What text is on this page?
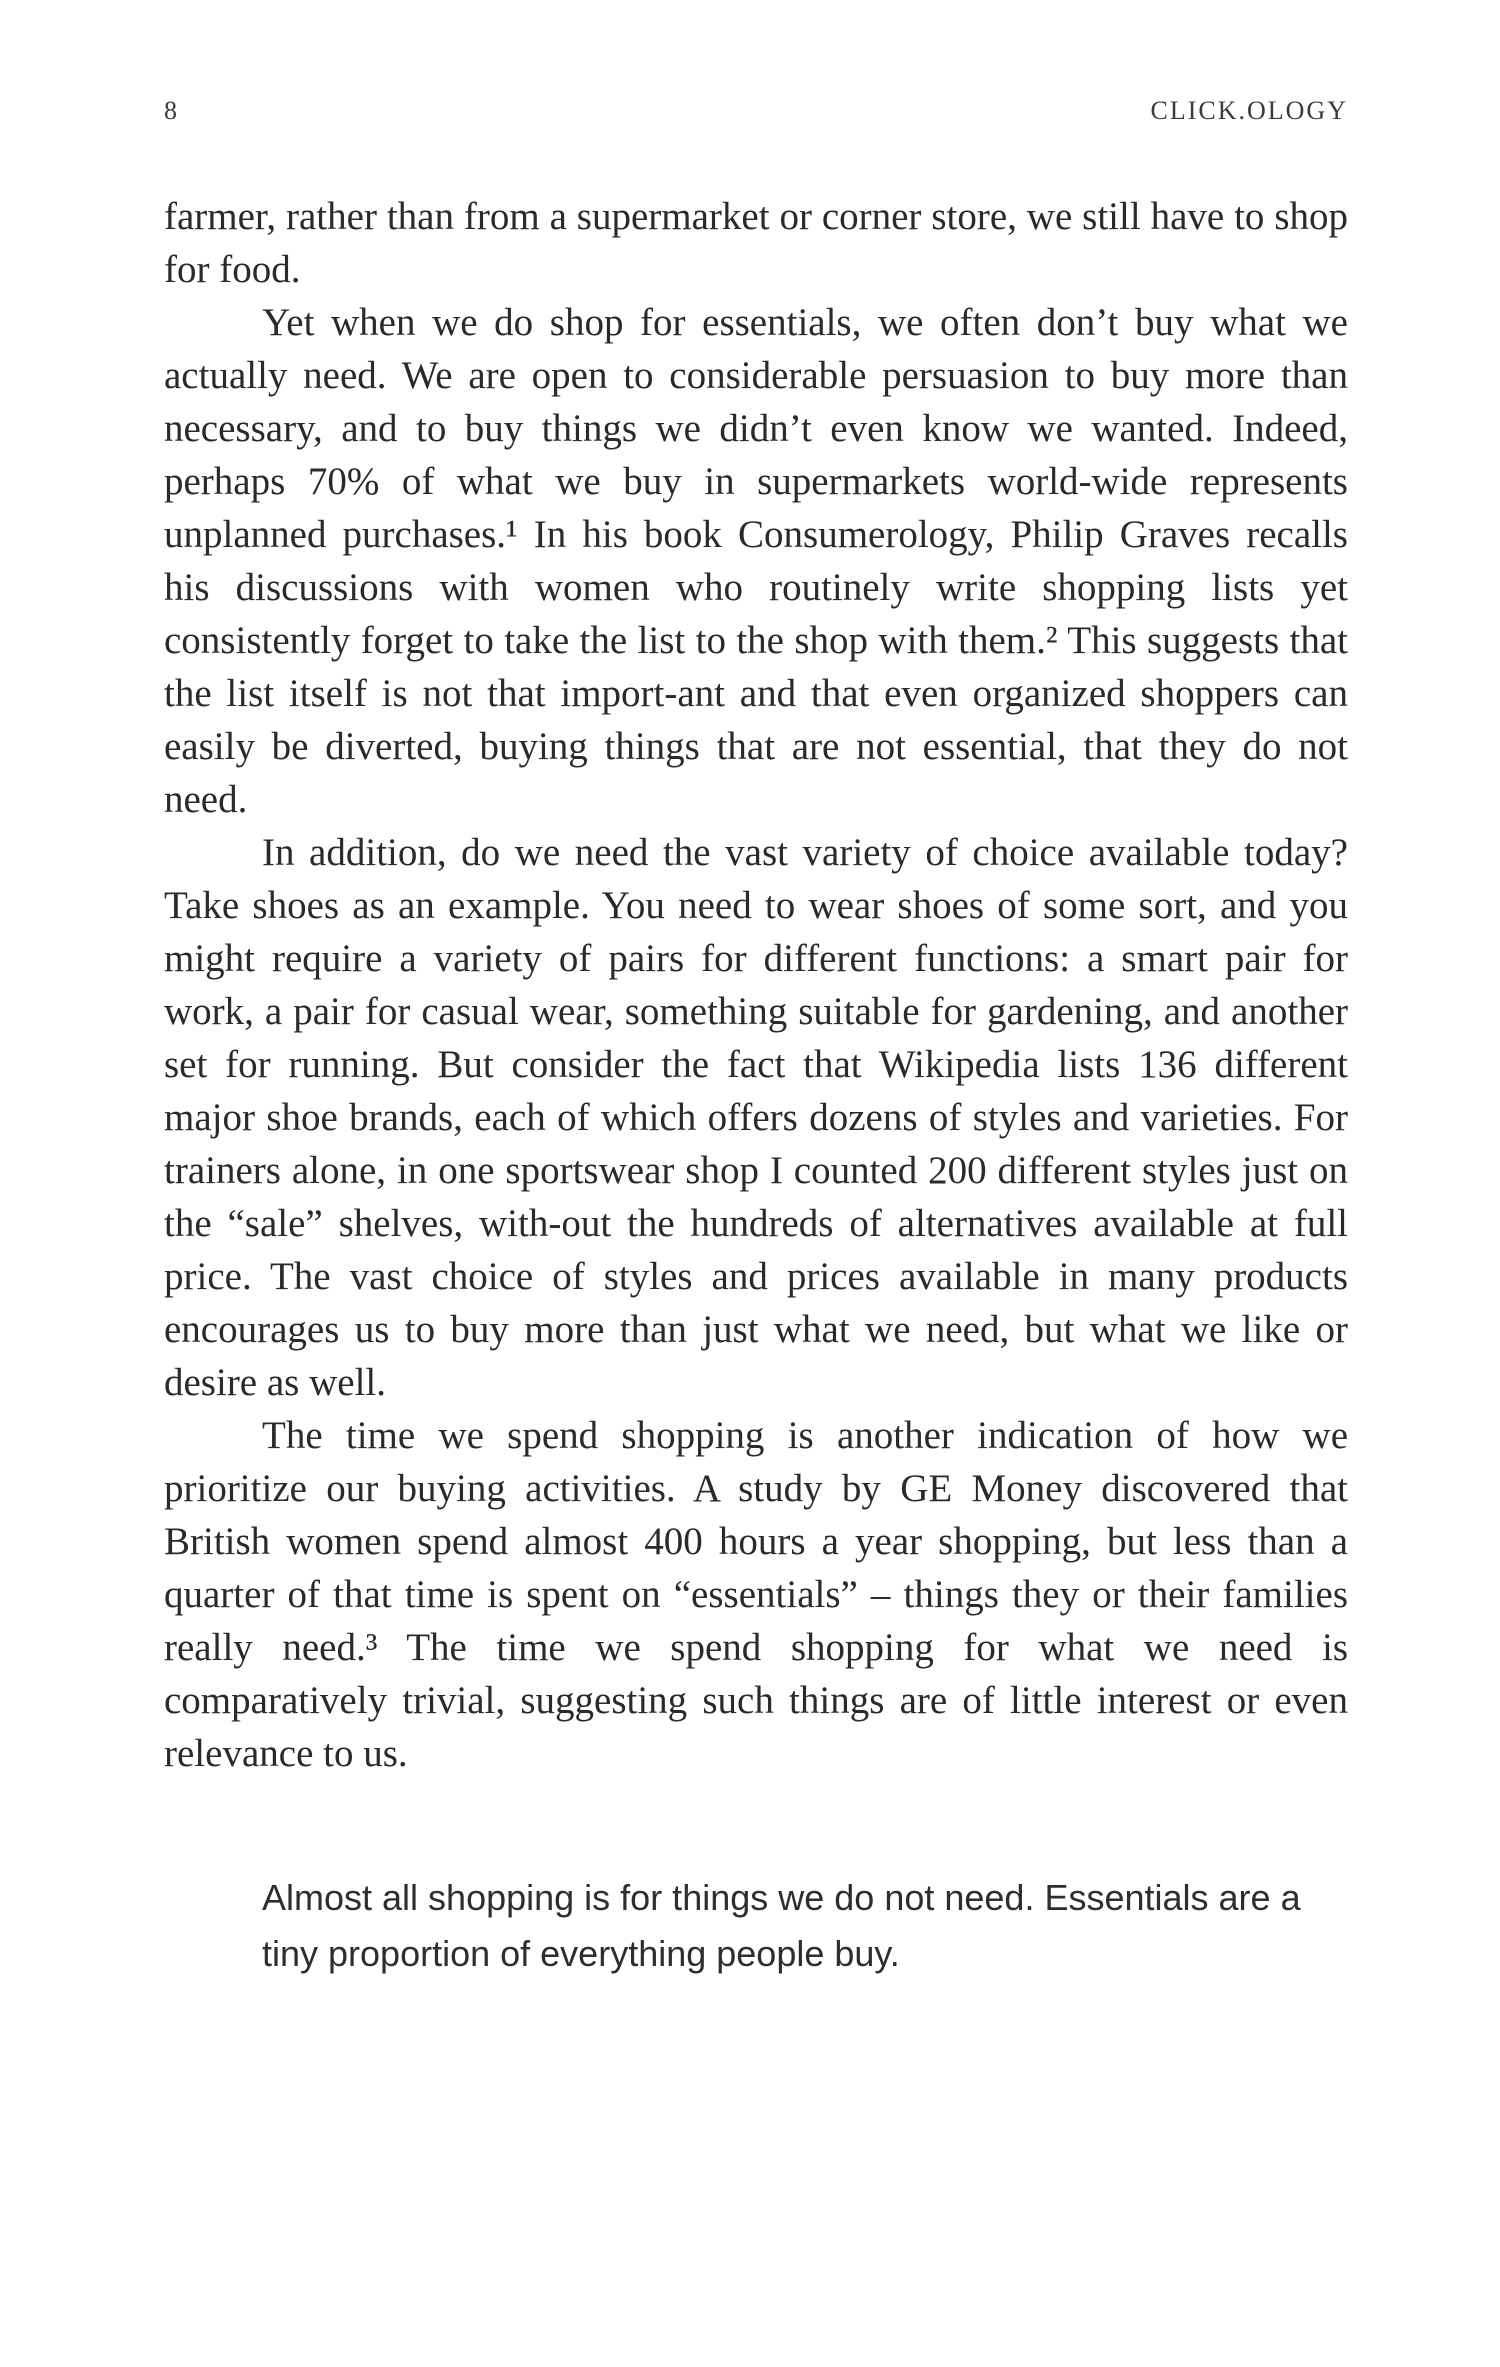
8	CLICK.OLOGY

farmer, rather than from a supermarket or corner store, we still have to shop for food.

Yet when we do shop for essentials, we often don’t buy what we actually need. We are open to considerable persuasion to buy more than necessary, and to buy things we didn’t even know we wanted. Indeed, perhaps 70% of what we buy in supermarkets world-wide represents unplanned purchases.¹ In his book Consumerology, Philip Graves recalls his discussions with women who routinely write shopping lists yet consistently forget to take the list to the shop with them.² This suggests that the list itself is not that import-ant and that even organized shoppers can easily be diverted, buying things that are not essential, that they do not need.

In addition, do we need the vast variety of choice available today? Take shoes as an example. You need to wear shoes of some sort, and you might require a variety of pairs for different functions: a smart pair for work, a pair for casual wear, something suitable for gardening, and another set for running. But consider the fact that Wikipedia lists 136 different major shoe brands, each of which offers dozens of styles and varieties. For trainers alone, in one sportswear shop I counted 200 different styles just on the “sale” shelves, with-out the hundreds of alternatives available at full price. The vast choice of styles and prices available in many products encourages us to buy more than just what we need, but what we like or desire as well.

The time we spend shopping is another indication of how we prioritize our buying activities. A study by GE Money discovered that British women spend almost 400 hours a year shopping, but less than a quarter of that time is spent on “essentials” – things they or their families really need.³ The time we spend shopping for what we need is comparatively trivial, suggesting such things are of little interest or even relevance to us.

Almost all shopping is for things we do not need. Essentials are a tiny proportion of everything people buy.
